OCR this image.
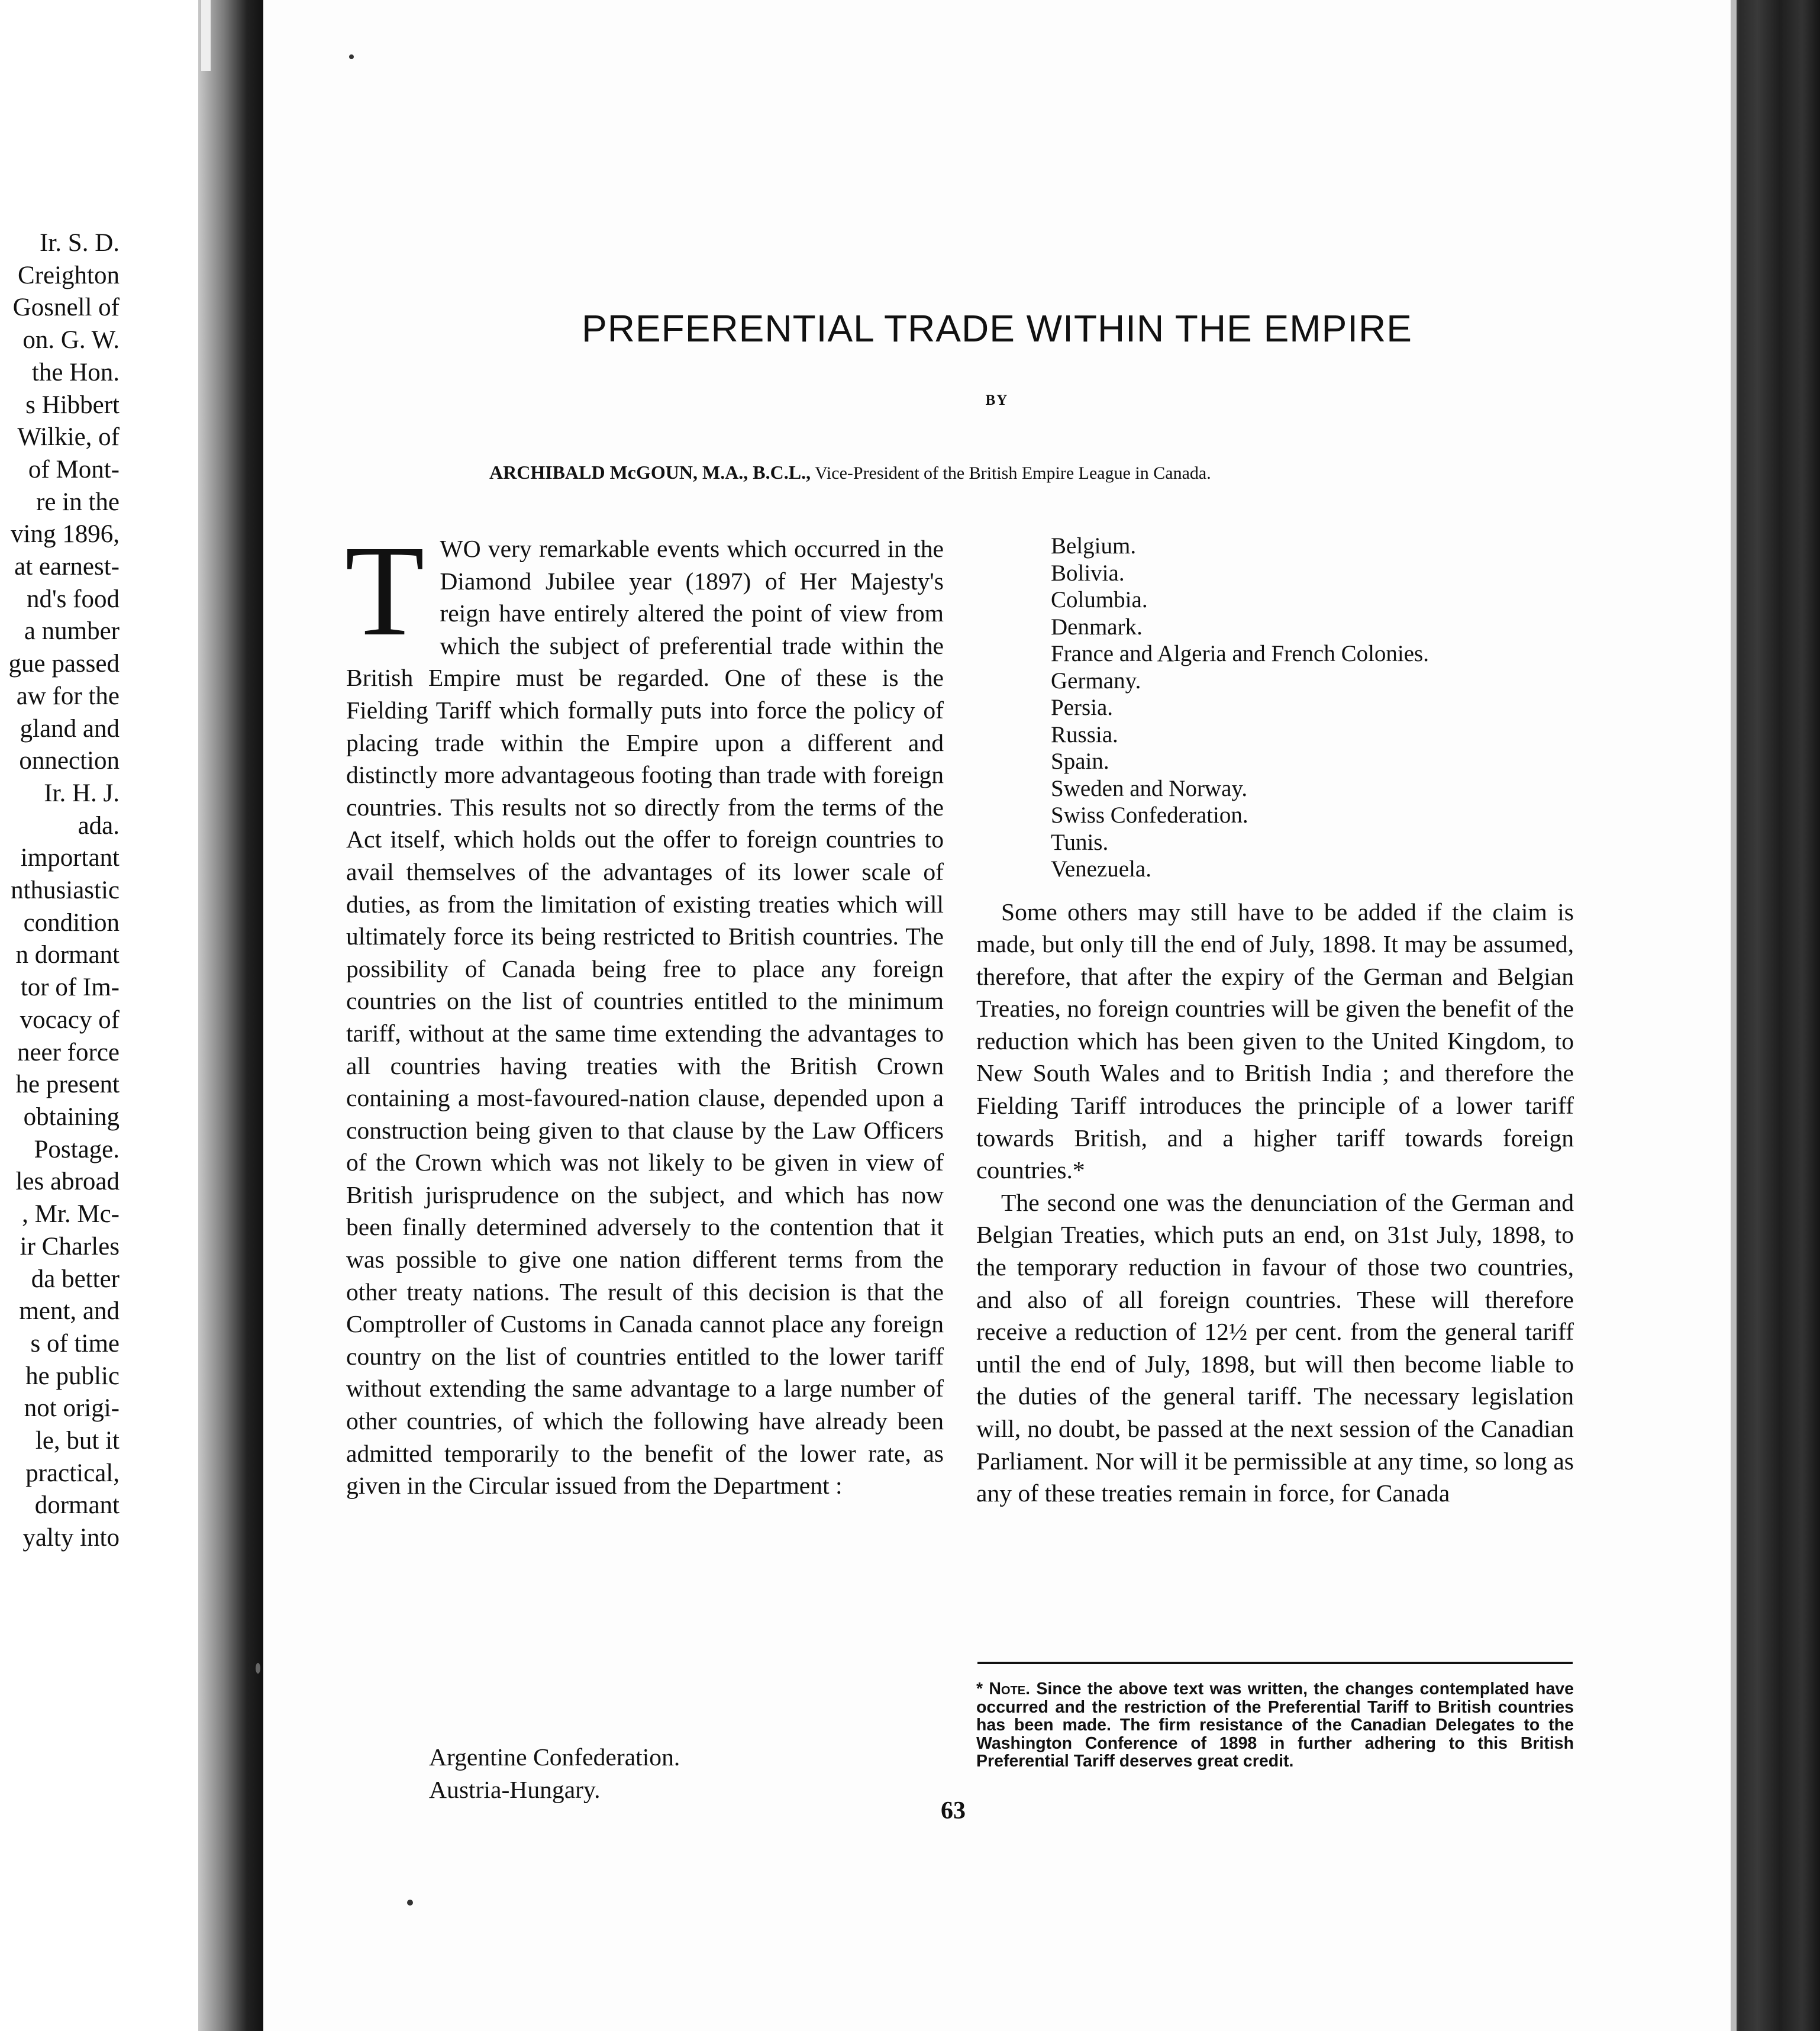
Ir. S. D.
Creighton
Gosnell of
on. G. W.
the Hon.
s Hibbert
Wilkie, of
of Mont-
re in the
ving 1896,
at earnest-
nd's food
a number
gue passed
aw for the
gland and
onnection
Ir. H. J.
ada.
important
nthusiastic
condition
n dormant
tor of Im-
vocacy of
neer force
he present
obtaining
Postage.
les abroad
, Mr. Mc-
ir Charles
da better
ment, and
s of time
he public
not origi-
le, but it
practical,
dormant
yalty into
PREFERENTIAL TRADE WITHIN THE EMPIRE
BY
ARCHIBALD McGOUN, M.A., B.C.L., Vice-President of the British Empire League in Canada.
T WO very remarkable events which occurred in the Diamond Jubilee year (1897) of Her Majesty's reign have entirely altered the point of view from which the subject of preferential trade within the British Empire must be regarded. One of these is the Fielding Tariff which formally puts into force the policy of placing trade within the Empire upon a different and distinctly more advantageous footing than trade with foreign countries. This results not so directly from the terms of the Act itself, which holds out the offer to foreign countries to avail themselves of the advantages of its lower scale of duties, as from the limitation of existing treaties which will ultimately force its being restricted to British countries. The possibility of Canada being free to place any foreign countries on the list of countries entitled to the minimum tariff, without at the same time extending the advantages to all countries having treaties with the British Crown containing a most-favoured-nation clause, depended upon a construction being given to that clause by the Law Officers of the Crown which was not likely to be given in view of British jurisprudence on the subject, and which has now been finally determined adversely to the contention that it was possible to give one nation different terms from the other treaty nations. The result of this decision is that the Comptroller of Customs in Canada cannot place any foreign country on the list of countries entitled to the lower tariff without extending the same advantage to a large number of other countries, of which the following have already been admitted temporarily to the benefit of the lower rate, as given in the Circular issued from the Department :

Argentine Confederation.
Austria-Hungary.
Belgium.
Bolivia.
Columbia.
Denmark.
France and Algeria and French Colonies.
Germany.
Persia.
Russia.
Spain.
Sweden and Norway.
Swiss Confederation.
Tunis.
Venezuela.

Some others may still have to be added if the claim is made, but only till the end of July, 1898. It may be assumed, therefore, that after the expiry of the German and Belgian Treaties, no foreign countries will be given the benefit of the reduction which has been given to the United Kingdom, to New South Wales and to British India ; and therefore the Fielding Tariff introduces the principle of a lower tariff towards British, and a higher tariff towards foreign countries.*

The second one was the denunciation of the German and Belgian Treaties, which puts an end, on 31st July, 1898, to the temporary reduction in favour of those two countries, and also of all foreign countries. These will therefore receive a reduction of 12½ per cent. from the general tariff until the end of July, 1898, but will then become liable to the duties of the general tariff. The necessary legislation will, no doubt, be passed at the next session of the Canadian Parliament. Nor will it be permissible at any time, so long as any of these treaties remain in force, for Canada

* Note. Since the above text was written, the changes contemplated have occurred and the restriction of the Preferential Tariff to British countries has been made. The firm resistance of the Canadian Delegates to the Washington Conference of 1898 in further adhering to this British Preferential Tariff deserves great credit.
63
